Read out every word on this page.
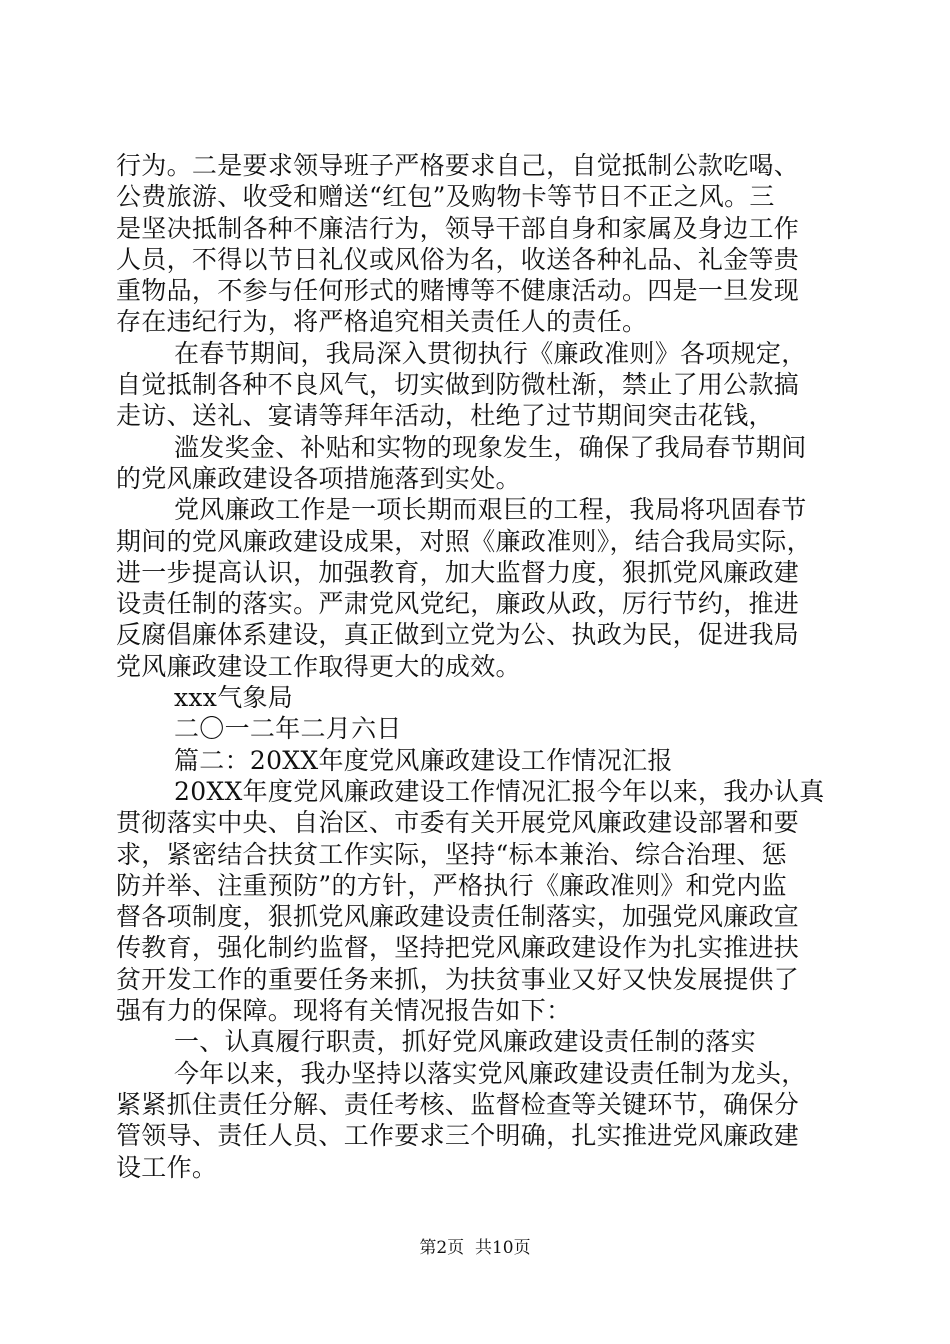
行为。二是要求领导班子严格要求自己，自觉抵制公款吃喝、
公费旅游、收受和赠送“红包”及购物卡等节日不正之风。三
是坚决抵制各种不廉洁行为，领导干部自身和家属及身边工作
人员，不得以节日礼仪或风俗为名，收送各种礼品、礼金等贵
重物品，不参与任何形式的赌博等不健康活动。四是一旦发现
存在违纪行为，将严格追究相关责任人的责任。
在春节期间，我局深入贯彻执行《廉政准则》各项规定，
自觉抵制各种不良风气，切实做到防微杜渐，禁止了用公款搞
走访、送礼、宴请等拜年活动，杜绝了过节期间突击花钱，
滥发奖金、补贴和实物的现象发生，确保了我局春节期间
的党风廉政建设各项措施落到实处。
党风廉政工作是一项长期而艰巨的工程，我局将巩固春节
期间的党风廉政建设成果，对照《廉政准则》，结合我局实际，
进一步提高认识，加强教育，加大监督力度，狠抓党风廉政建
设责任制的落实。严肃党风党纪，廉政从政，厉行节约，推进
反腐倡廉体系建设，真正做到立党为公、执政为民，促进我局
党风廉政建设工作取得更大的成效。
xxx气象局
二〇一二年二月六日
篇二：20XX年度党风廉政建设工作情况汇报
20XX年度党风廉政建设工作情况汇报今年以来，我办认真
贯彻落实中央、自治区、市委有关开展党风廉政建设部署和要
求，紧密结合扶贫工作实际，坚持“标本兼治、综合治理、惩
防并举、注重预防”的方针，严格执行《廉政准则》和党内监
督各项制度，狠抓党风廉政建设责任制落实，加强党风廉政宣
传教育，强化制约监督，坚持把党风廉政建设作为扎实推进扶
贫开发工作的重要任务来抓，为扶贫事业又好又快发展提供了
强有力的保障。现将有关情况报告如下：
一、认真履行职责，抓好党风廉政建设责任制的落实
今年以来，我办坚持以落实党风廉政建设责任制为龙头，
紧紧抓住责任分解、责任考核、监督检查等关键环节，确保分
管领导、责任人员、工作要求三个明确，扎实推进党风廉政建
设工作。
第2页  共10页
